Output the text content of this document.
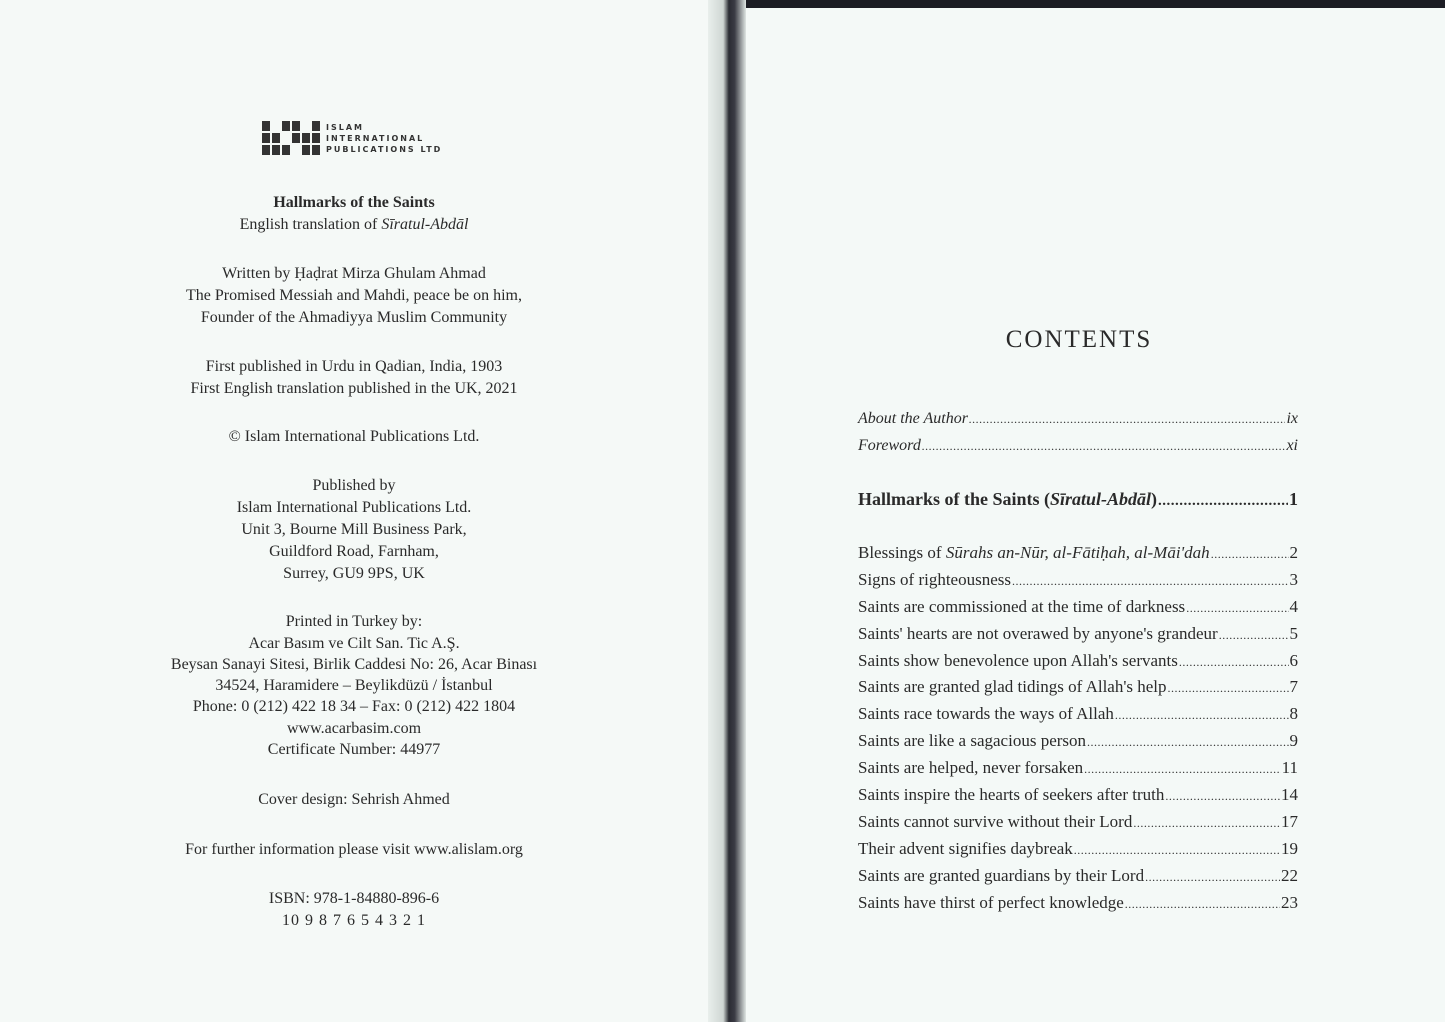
ISLAM
INTERNATIONAL
PUBLICATIONS LTD
Hallmarks of the Saints
English translation of Sīratul-Abdāl
Written by Ḥaḍrat Mirza Ghulam Ahmad
The Promised Messiah and Mahdi, peace be on him,
Founder of the Ahmadiyya Muslim Community
First published in Urdu in Qadian, India, 1903
First English translation published in the UK, 2021
© Islam International Publications Ltd.
Published by
Islam International Publications Ltd.
Unit 3, Bourne Mill Business Park,
Guildford Road, Farnham,
Surrey, GU9 9PS, UK
Printed in Turkey by:
Acar Basım ve Cilt San. Tic A.Ş.
Beysan Sanayi Sitesi, Birlik Caddesi No: 26, Acar Binası
34524, Haramidere – Beylikdüzü / İstanbul
Phone: 0 (212) 422 18 34 – Fax: 0 (212) 422 1804
www.acarbasim.com
Certificate Number: 44977
Cover design: Sehrish Ahmed
For further information please visit www.alislam.org
ISBN: 978-1-84880-896-6
10 9 8 7 6 5 4 3 2 1
CONTENTS
About the Author .....	ix
Foreword .....	xi
Hallmarks of the Saints (Sīratul-Abdāl) .....	1
Blessings of Sūrahs an-Nūr, al-Fātiḥah, al-Māi'dah .....	2
Signs of righteousness .....	3
Saints are commissioned at the time of darkness .....	4
Saints' hearts are not overawed by anyone's grandeur .....	5
Saints show benevolence upon Allah's servants .....	6
Saints are granted glad tidings of Allah's help .....	7
Saints race towards the ways of Allah .....	8
Saints are like a sagacious person .....	9
Saints are helped, never forsaken .....	11
Saints inspire the hearts of seekers after truth .....	14
Saints cannot survive without their Lord .....	17
Their advent signifies daybreak .....	19
Saints are granted guardians by their Lord .....	22
Saints have thirst of perfect knowledge .....	23
